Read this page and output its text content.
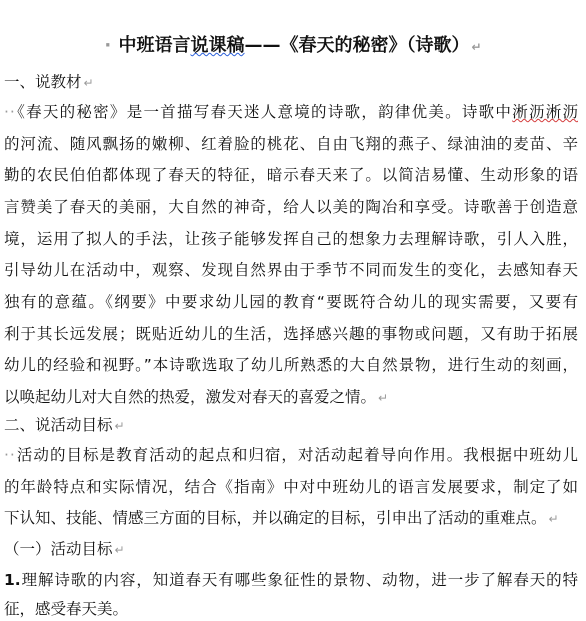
· 中班语言说课稿——《春天的秘密》（诗歌） ↵
一、说教材 ↵
··《春天的秘密》是一首描写春天迷人意境的诗歌，韵律优美。诗歌中淅沥淅沥
的河流、随风飘扬的嫩柳、红着脸的桃花、自由飞翔的燕子、绿油油的麦苗、辛
勤的农民伯伯都体现了春天的特征，暗示春天来了。以简洁易懂、生动形象的语
言赞美了春天的美丽，大自然的神奇，给人以美的陶冶和享受。诗歌善于创造意
境，运用了拟人的手法，让孩子能够发挥自己的想象力去理解诗歌，引人入胜，
引导幼儿在活动中，观察、发现自然界由于季节不同而发生的变化，去感知春天
独有的意蕴。《纲要》中要求幼儿园的教育“要既符合幼儿的现实需要，又要有
利于其长远发展；既贴近幼儿的生活，选择感兴趣的事物或问题，又有助于拓展
幼儿的经验和视野。”本诗歌选取了幼儿所熟悉的大自然景物，进行生动的刻画，
以唤起幼儿对大自然的热爱，激发对春天的喜爱之情。 ↵
二、说活动目标 ↵
··活动的目标是教育活动的起点和归宿，对活动起着导向作用。我根据中班幼儿
的年龄特点和实际情况，结合《指南》中对中班幼儿的语言发展要求，制定了如
下认知、技能、情感三方面的目标，并以确定的目标，引申出了活动的重难点。 ↵
（一）活动目标 ↵
1.理解诗歌的内容，知道春天有哪些象征性的景物、动物，进一步了解春天的特
征，感受春天美。
